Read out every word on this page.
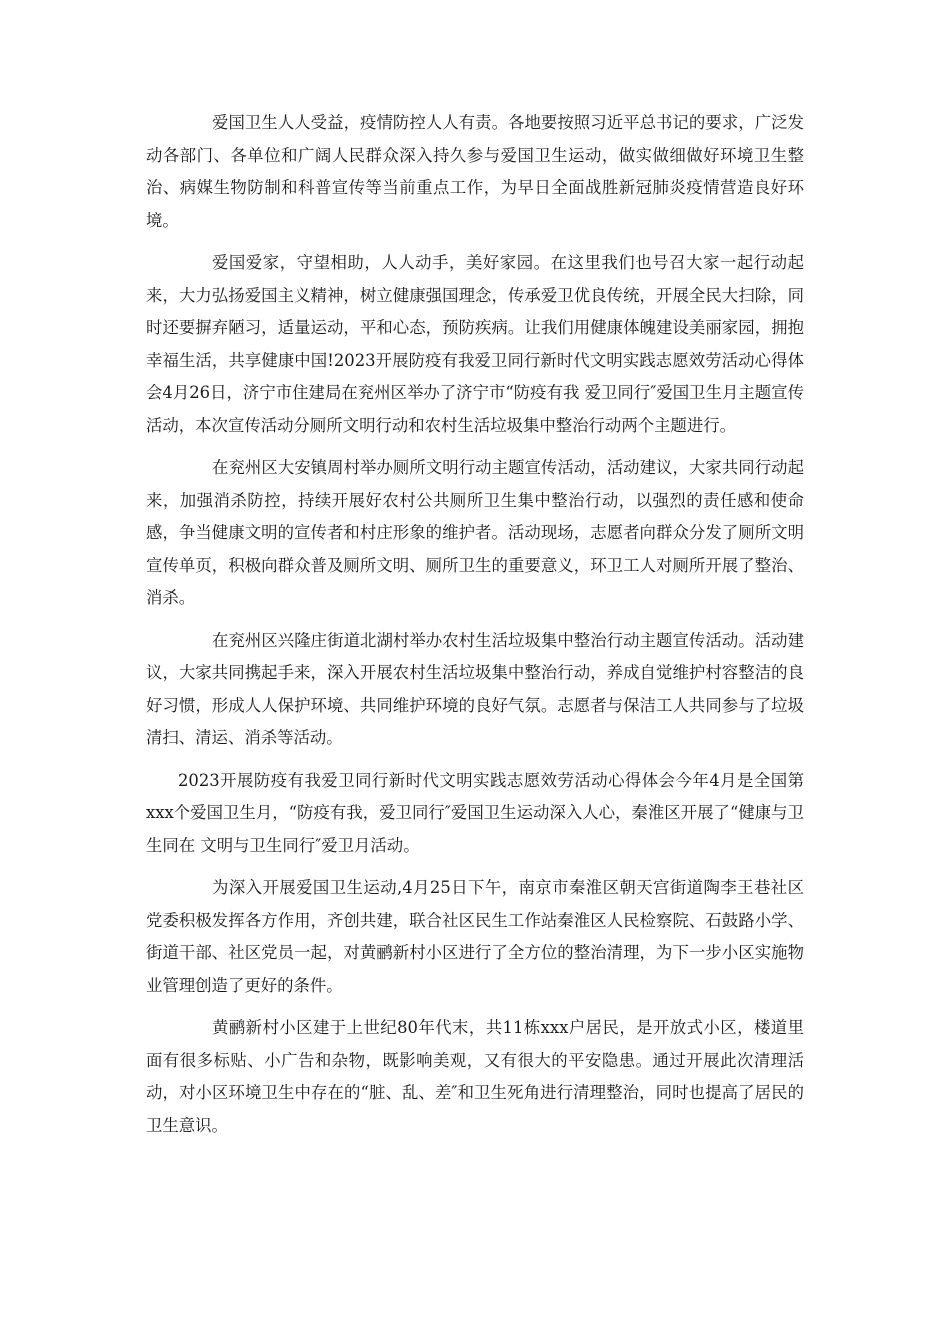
爱国卫生人人受益，疫情防控人人有责。各地要按照习近平总书记的要求，广泛发动各部门、各单位和广阔人民群众深入持久参与爱国卫生运动，做实做细做好环境卫生整治、病媒生物防制和科普宣传等当前重点工作，为早日全面战胜新冠肺炎疫情营造良好环境。

爱国爱家，守望相助，人人动手，美好家园。在这里我们也号召大家一起行动起来，大力弘扬爱国主义精神，树立健康强国理念，传承爱卫优良传统，开展全民大扫除，同时还要摒弃陋习，适量运动，平和心态，预防疾病。让我们用健康体魄建设美丽家园，拥抱幸福生活，共享健康中国!2023开展防疫有我爱卫同行新时代文明实践志愿效劳活动心得体会4月26日，济宁市住建局在兖州区举办了济宁市“防疫有我 爱卫同行″爱国卫生月主题宣传活动，本次宣传活动分厕所文明行动和农村生活垃圾集中整治行动两个主题进行。

在兖州区大安镇周村举办厕所文明行动主题宣传活动，活动建议，大家共同行动起来，加强消杀防控，持续开展好农村公共厕所卫生集中整治行动，以强烈的责任感和使命感，争当健康文明的宣传者和村庄形象的维护者。活动现场，志愿者向群众分发了厕所文明宣传单页，积极向群众普及厕所文明、厕所卫生的重要意义，环卫工人对厕所开展了整治、消杀。

在兖州区兴隆庄街道北湖村举办农村生活垃圾集中整治行动主题宣传活动。活动建议，大家共同携起手来，深入开展农村生活垃圾集中整治行动，养成自觉维护村容整洁的良好习惯，形成人人保护环境、共同维护环境的良好气氛。志愿者与保洁工人共同参与了垃圾清扫、清运、消杀等活动。

2023开展防疫有我爱卫同行新时代文明实践志愿效劳活动心得体会今年4月是全国第xxx个爱国卫生月，“防疫有我，爱卫同行″爱国卫生运动深入人心，秦淮区开展了“健康与卫生同在 文明与卫生同行″爱卫月活动。

为深入开展爱国卫生运动,4月25日下午，南京市秦淮区朝天宫街道陶李王巷社区党委积极发挥各方作用，齐创共建，联合社区民生工作站秦淮区人民检察院、石鼓路小学、街道干部、社区党员一起，对黄鹂新村小区进行了全方位的整治清理，为下一步小区实施物业管理创造了更好的条件。

黄鹂新村小区建于上世纪80年代末，共11栋xxx户居民，是开放式小区，楼道里面有很多标贴、小广告和杂物，既影响美观，又有很大的平安隐患。通过开展此次清理活动，对小区环境卫生中存在的“脏、乱、差″和卫生死角进行清理整治，同时也提高了居民的卫生意识。
